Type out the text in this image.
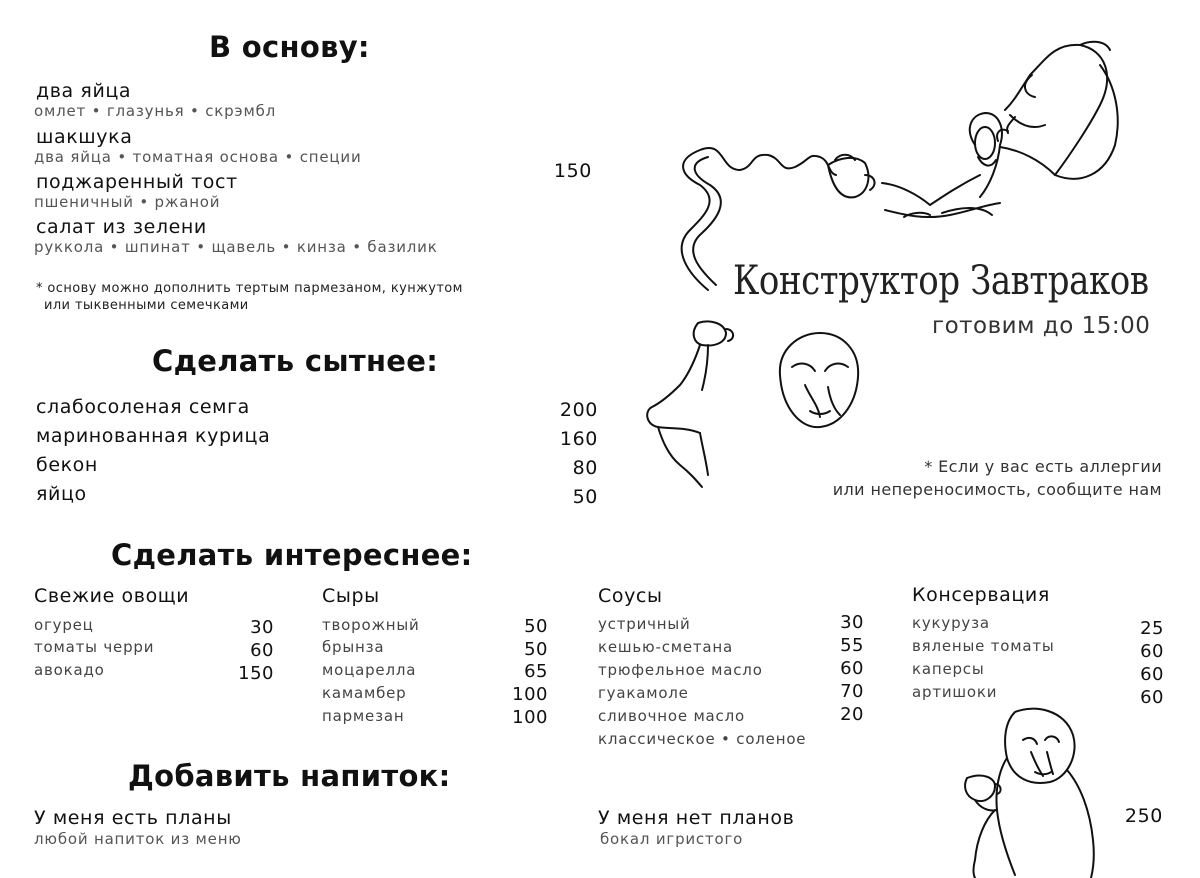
В основу:
два яйца
омлет • глазунья • скрэмбл
шакшука
два яйца • томатная основа • специи
поджаренный тост
пшеничный • ржаной
салат из зелени
руккола • шпинат • щавель • кинза • базилик
150
* основу можно дополнить тертым пармезаном, кунжутом
или тыквенными семечками
Сделать сытнее:
слабосоленая семга	200
маринованная курица	160
бекон	80
яйцо	50
Сделать интереснее:
Свежие овощи
огурец	30
томаты черри	60
авокадо	150
Сыры
творожный	50
брынза	50
моцарелла	65
камамбер	100
пармезан	100
Соусы
устричный	30
кешью-сметана	55
трюфельное масло	60
гуакамоле	70
сливочное масло	20
классическое • соленое
Консервация
кукуруза	25
вяленые томаты	60
каперсы	60
артишоки	60
Добавить напиток:
У меня есть планы
любой напиток из меню
У меня нет планов
бокал игристого
250
Конструктор Завтраков
готовим до 15:00
* Если у вас есть аллергии
или непереносимость, сообщите нам
